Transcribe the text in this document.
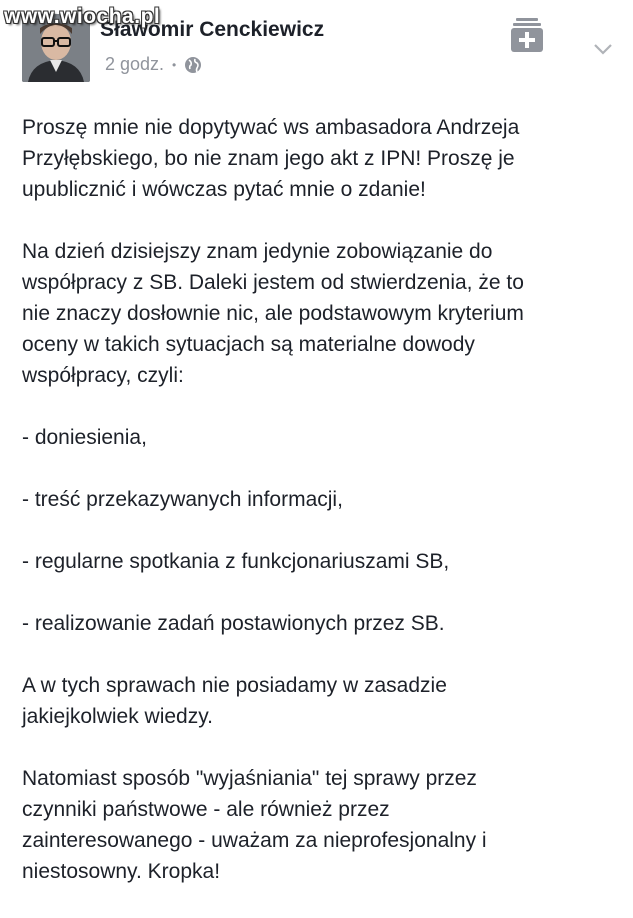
www.wiocha.pl
Sławomir Cenckiewicz
2 godz. •

Proszę mnie nie dopytywać ws ambasadora Andrzeja
Przyłębskiego, bo nie znam jego akt z IPN! Proszę je
upublicznić i wówczas pytać mnie o zdanie!

Na dzień dzisiejszy znam jedynie zobowiązanie do
współpracy z SB. Daleki jestem od stwierdzenia, że to
nie znaczy dosłownie nic, ale podstawowym kryterium
oceny w takich sytuacjach są materialne dowody
współpracy, czyli:

- doniesienia,

- treść przekazywanych informacji,

- regularne spotkania z funkcjonariuszami SB,

- realizowanie zadań postawionych przez SB.

A w tych sprawach nie posiadamy w zasadzie
jakiejkolwiek wiedzy.

Natomiast sposób "wyjaśniania" tej sprawy przez
czynniki państwowe - ale również przez
zainteresowanego - uważam za nieprofesjonalny i
niestosowny. Kropka!
